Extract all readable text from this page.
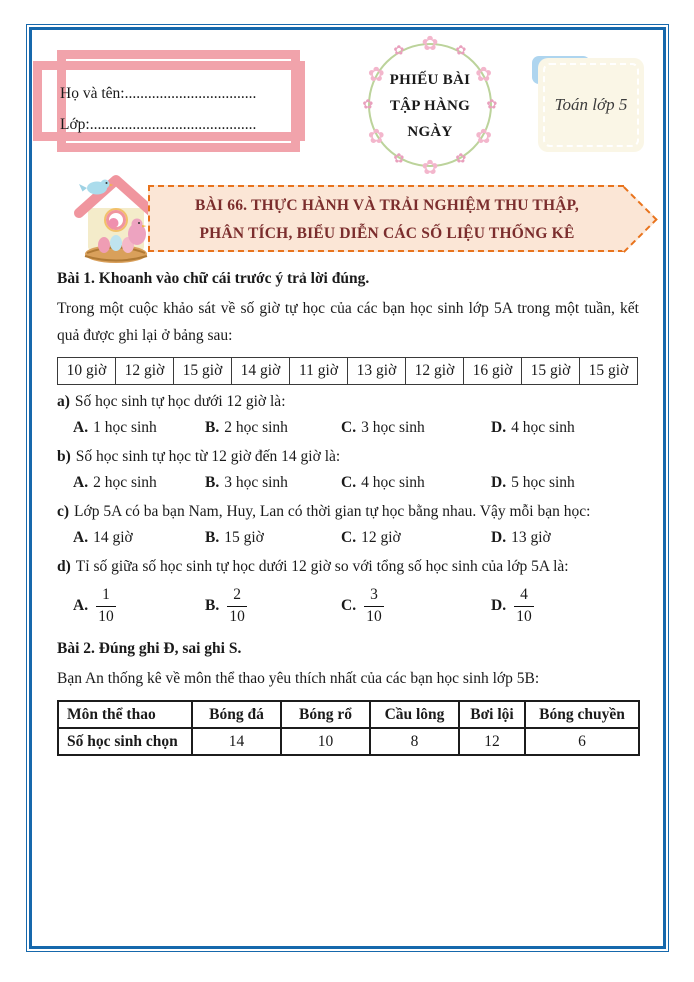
Họ và tên:..................................
Lớp:...........................................
✿ ✿
✿
✿
✿
✿
✿
✿
✿
✿
✿
✿
PHIẾU BÀI
TẬP HÀNG
NGÀY
Toán lớp 5
BÀI 66. THỰC HÀNH VÀ TRẢI NGHIỆM THU THẬP,
PHÂN TÍCH, BIỂU DIỄN CÁC SỐ LIỆU THỐNG KÊ

Bài 1. Khoanh vào chữ cái trước ý trả lời đúng.

Trong một cuộc khảo sát về số giờ tự học của các bạn học sinh lớp 5A trong một tuần, kết quả được ghi lại ở bảng sau:

10 giờ	12 giờ	15 giờ	14 giờ	11 giờ	13 giờ	12 giờ	16 giờ	15 giờ	15 giờ

a) Số học sinh tự học dưới 12 giờ là:

A. 1 học sinh	B. 2 học sinh	C. 3 học sinh	D. 4 học sinh

b) Số học sinh tự học từ 12 giờ đến 14 giờ là:

A. 2 học sinh	B. 3 học sinh	C. 4 học sinh	D. 5 học sinh

c) Lớp 5A có ba bạn Nam, Huy, Lan có thời gian tự học bằng nhau. Vậy mỗi bạn học:

A. 14 giờ	B. 15 giờ	C. 12 giờ	D. 13 giờ

d) Tỉ số giữa số học sinh tự học dưới 12 giờ so với tổng số học sinh của lớp 5A là:

A. $\frac{1}{10}$	B. $\frac{2}{10}$	C. $\frac{3}{10}$	D. $\frac{4}{10}$

Bài 2. Đúng ghi Đ, sai ghi S.

Bạn An thống kê về môn thể thao yêu thích nhất của các bạn học sinh lớp 5B:

Môn thể thao	Bóng đá	Bóng rổ	Cầu lông	Bơi lội	Bóng chuyền
Số học sinh chọn	14	10	8	12	6
